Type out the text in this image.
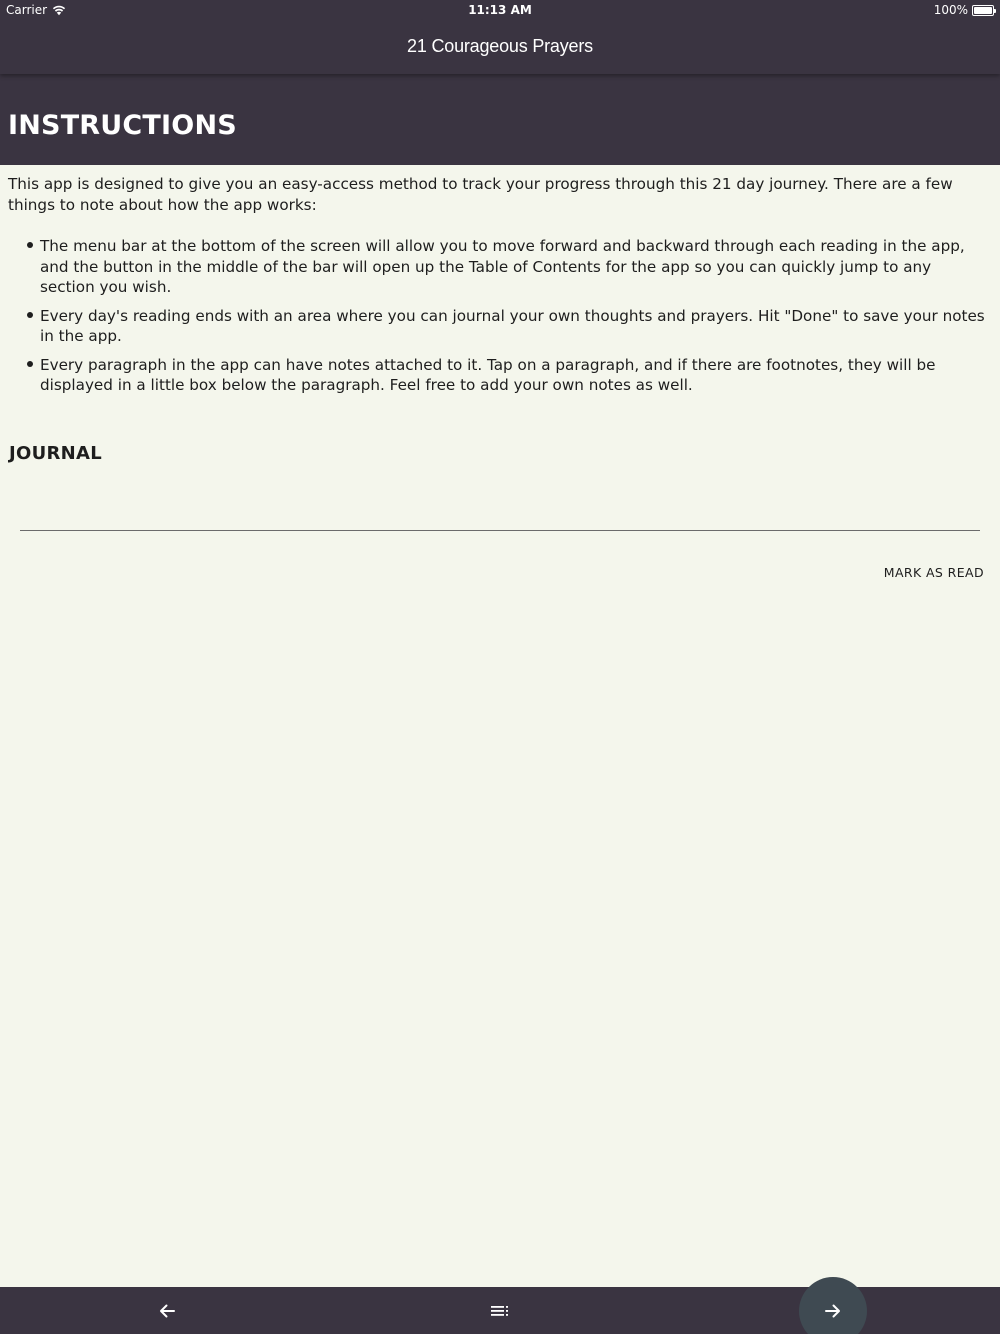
Carrier	11:13 AM	100%
21 Courageous Prayers
INSTRUCTIONS

This app is designed to give you an easy-access method to track your progress through this 21 day journey. There are a few things to note about how the app works:

The menu bar at the bottom of the screen will allow you to move forward and backward through each reading in the app, and the button in the middle of the bar will open up the Table of Contents for the app so you can quickly jump to any section you wish.
Every day's reading ends with an area where you can journal your own thoughts and prayers. Hit "Done" to save your notes in the app.
Every paragraph in the app can have notes attached to it. Tap on a paragraph, and if there are footnotes, they will be displayed in a little box below the paragraph. Feel free to add your own notes as well.
JOURNAL
MARK AS READ
